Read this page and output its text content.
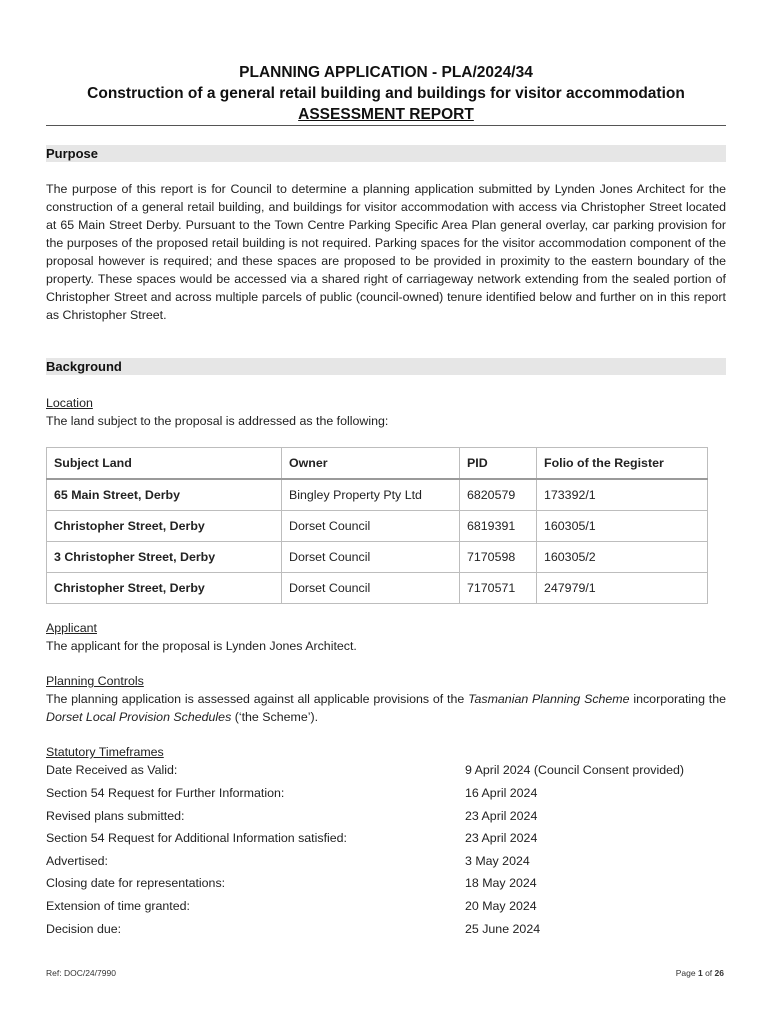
PLANNING APPLICATION - PLA/2024/34
Construction of a general retail building and buildings for visitor accommodation
ASSESSMENT REPORT
Purpose
The purpose of this report is for Council to determine a planning application submitted by Lynden Jones Architect for the construction of a general retail building, and buildings for visitor accommodation with access via Christopher Street located at 65 Main Street Derby. Pursuant to the Town Centre Parking Specific Area Plan general overlay, car parking provision for the purposes of the proposed retail building is not required. Parking spaces for the visitor accommodation component of the proposal however is required; and these spaces are proposed to be provided in proximity to the eastern boundary of the property. These spaces would be accessed via a shared right of carriageway network extending from the sealed portion of Christopher Street and across multiple parcels of public (council-owned) tenure identified below and further on in this report as Christopher Street.
Background
Location
The land subject to the proposal is addressed as the following:
Subject Land	Owner	PID	Folio of the Register
65 Main Street, Derby	Bingley Property Pty Ltd	6820579	173392/1
Christopher Street, Derby	Dorset Council	6819391	160305/1
3 Christopher Street, Derby	Dorset Council	7170598	160305/2
Christopher Street, Derby	Dorset Council	7170571	247979/1
Applicant
The applicant for the proposal is Lynden Jones Architect.
Planning Controls
The planning application is assessed against all applicable provisions of the Tasmanian Planning Scheme incorporating the Dorset Local Provision Schedules (‘the Scheme’).
Statutory Timeframes
Date Received as Valid:	9 April 2024 (Council Consent provided)
Section 54 Request for Further Information:	16 April 2024
Revised plans submitted:	23 April 2024
Section 54 Request for Additional Information satisfied:	23 April 2024
Advertised:	3 May 2024
Closing date for representations:	18 May 2024
Extension of time granted:	20 May 2024
Decision due:	25 June 2024
Ref: DOC/24/7990	Page 1 of 26
